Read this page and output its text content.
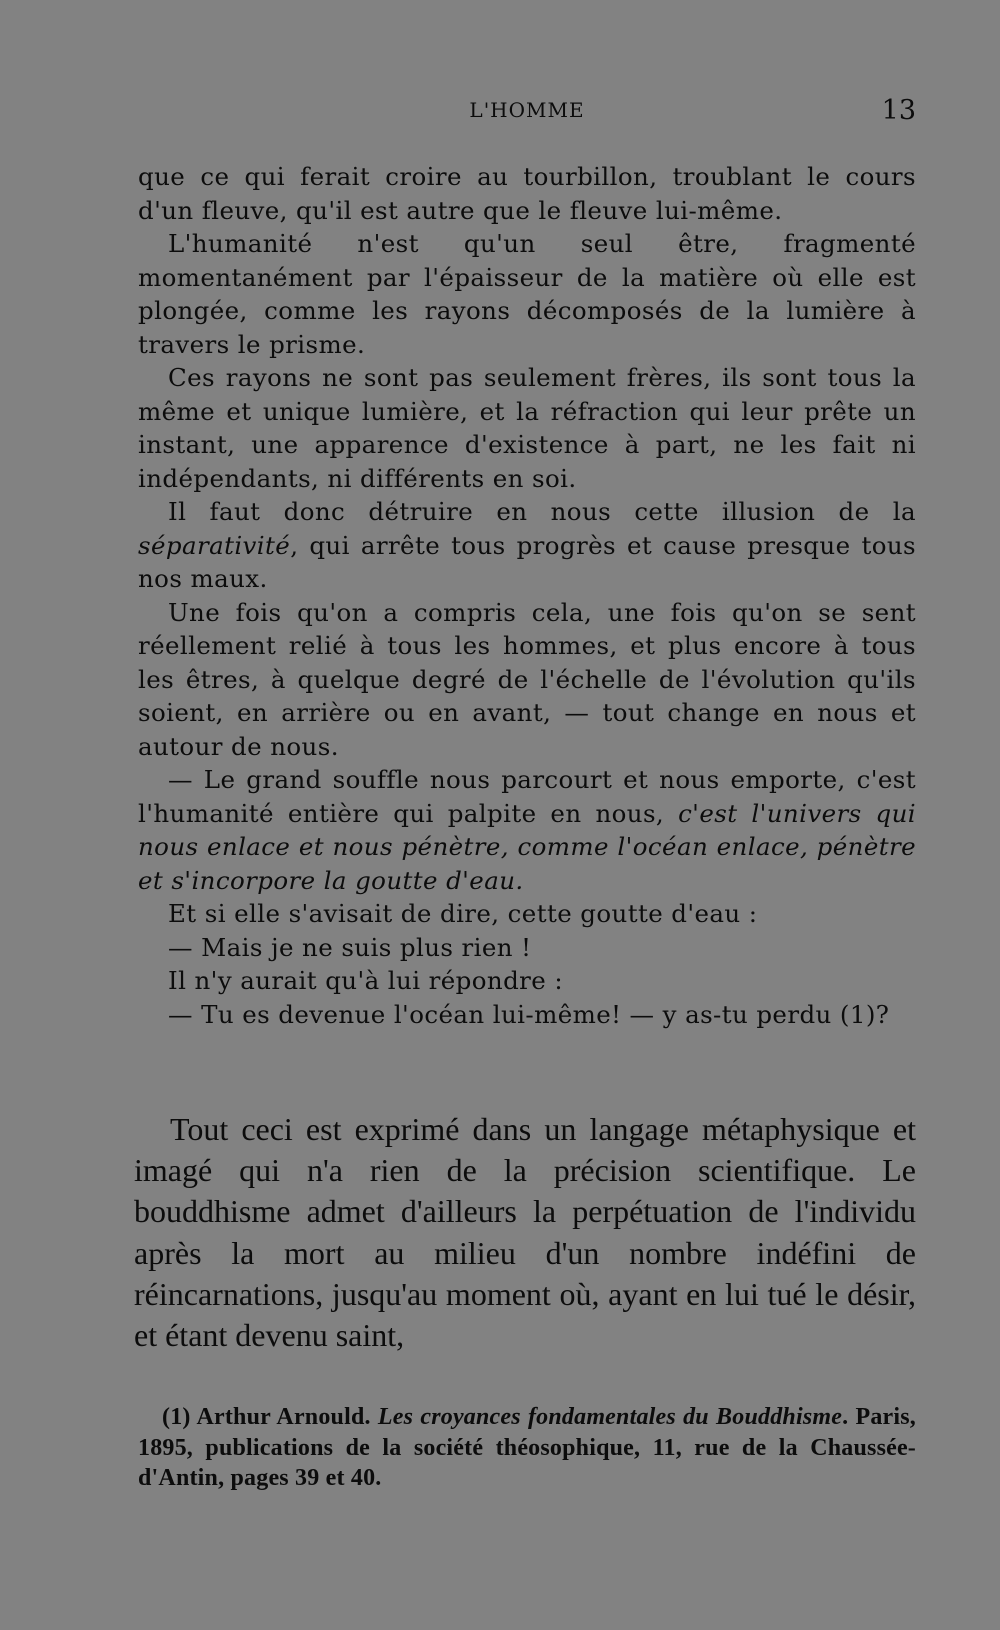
L'HOMME	13

que ce qui ferait croire au tourbillon, troublant le cours d'un fleuve, qu'il est autre que le fleuve lui-même.

L'humanité n'est qu'un seul être, fragmenté momentanément par l'épaisseur de la matière où elle est plongée, comme les rayons décomposés de la lumière à travers le prisme.

Ces rayons ne sont pas seulement frères, ils sont tous la même et unique lumière, et la réfraction qui leur prête un instant, une apparence d'existence à part, ne les fait ni indépendants, ni différents en soi.

Il faut donc détruire en nous cette illusion de la séparativité, qui arrête tous progrès et cause presque tous nos maux.

Une fois qu'on a compris cela, une fois qu'on se sent réellement relié à tous les hommes, et plus encore à tous les êtres, à quelque degré de l'échelle de l'évolution qu'ils soient, en arrière ou en avant, — tout change en nous et autour de nous.

— Le grand souffle nous parcourt et nous emporte, c'est l'humanité entière qui palpite en nous, c'est l'univers qui nous enlace et nous pénètre, comme l'océan enlace, pénètre et s'incorpore la goutte d'eau.

Et si elle s'avisait de dire, cette goutte d'eau :

— Mais je ne suis plus rien !

Il n'y aurait qu'à lui répondre :

— Tu es devenue l'océan lui-même! — y as-tu perdu (1)?

Tout ceci est exprimé dans un langage métaphysique et imagé qui n'a rien de la précision scientifique. Le bouddhisme admet d'ailleurs la perpétuation de l'individu après la mort au milieu d'un nombre indéfini de réincarnations, jusqu'au moment où, ayant en lui tué le désir, et étant devenu saint,

(1) Arthur Arnould. Les croyances fondamentales du Bouddhisme. Paris, 1895, publications de la société théosophique, 11, rue de la Chaussée-d'Antin, pages 39 et 40.
